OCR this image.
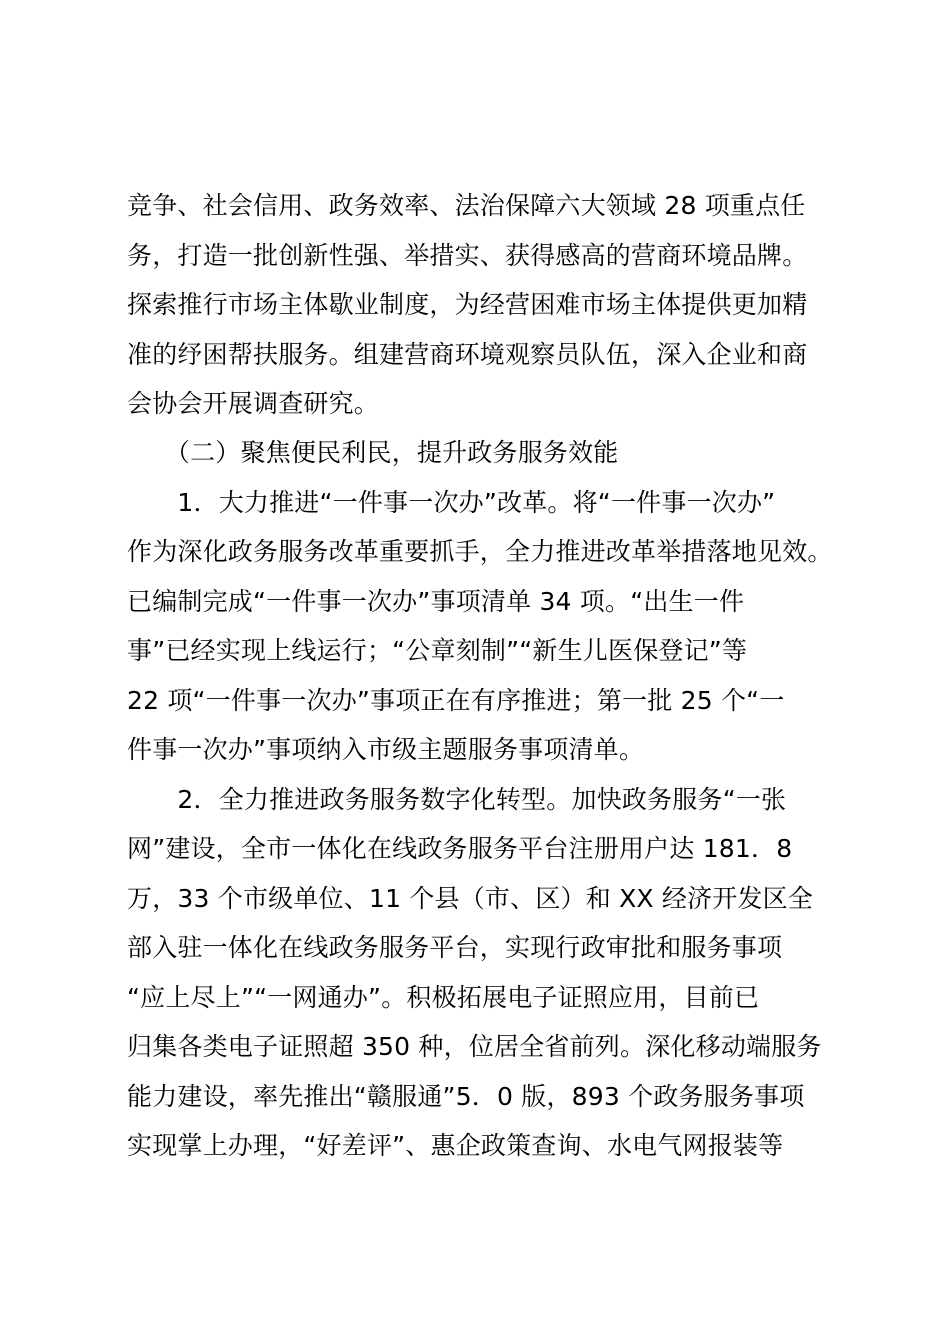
竞争、社会信用、政务效率、法治保障六大领域 28 项重点任
务，打造一批创新性强、举措实、获得感高的营商环境品牌。
探索推行市场主体歇业制度，为经营困难市场主体提供更加精
准的纾困帮扶服务。组建营商环境观察员队伍，深入企业和商
会协会开展调查研究。
　　（二）聚焦便民利民，提升政务服务效能
　　1．大力推进“一件事一次办”改革。将“一件事一次办”
作为深化政务服务改革重要抓手，全力推进改革举措落地见效。
已编制完成“一件事一次办”事项清单 34 项。“出生一件
事”已经实现上线运行；“公章刻制”“新生儿医保登记”等
22 项“一件事一次办”事项正在有序推进；第一批 25 个“一
件事一次办”事项纳入市级主题服务事项清单。
　　2．全力推进政务服务数字化转型。加快政务服务“一张
网”建设，全市一体化在线政务服务平台注册用户达 181．8
万，33 个市级单位、11 个县（市、区）和 XX 经济开发区全
部入驻一体化在线政务服务平台，实现行政审批和服务事项
“应上尽上”“一网通办”。积极拓展电子证照应用，目前已
归集各类电子证照超 350 种，位居全省前列。深化移动端服务
能力建设，率先推出“赣服通”5．0 版，893 个政务服务事项
实现掌上办理，“好差评”、惠企政策查询、水电气网报装等
